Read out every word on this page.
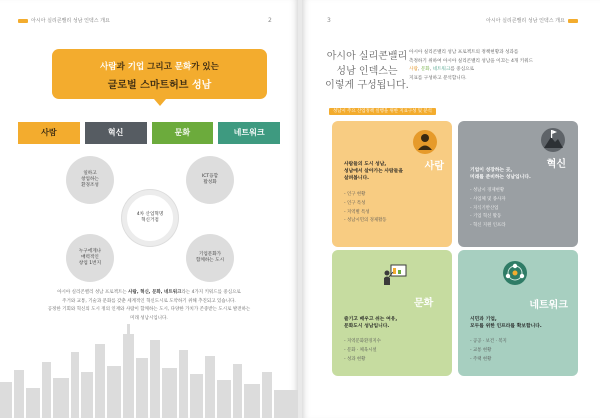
아시아 실리콘밸리 성남 인덱스 개요	2
사람과 기업 그리고 문화가 있는
글로벌 스마트허브 성남
사람	혁신	문화	네트워크
일하고
창업하는
환경조성
ICT융합
활성화
4차 산업혁명
혁신거점
누구에게나
매력적인
창업 1번지
기업문화가
함께하는 도시
아시아 실리콘밸리 성남 프로젝트는 사람, 혁신, 문화, 네트워크라는 4가지 키워드를 중심으로
주거와 교통, 기술과 문화를 갖춘 세계적인 혁신도시로 도약하기 위해 추진되고 있습니다.
공정한 기회와 혁신의 도시 정의 인재와 사람이 함께하는 도시, 다양한 가치가 존중받는 도시로 발전하는
미래 성남시입니다.
3	아시아 실리콘밸리 성남 인덱스 개요
아시아 실리콘밸리
성남 인덱스는
이렇게 구성됩니다.
아시아 실리콘밸리 성남 프로젝트의 정책현황과 성과를
측정하기 위하여 아시아 실리콘밸리 성남을 이끄는 4개 키워드
사람, 문화, 네트워크를 중심으로
지표를 구성하고 분석합니다.
성남시 주요 산업정책 실행을 위한 지표구성 및 분석
사람
사람들의 도시 성남,
성남에서 살아가는 사람들을
살펴봅니다.
- 인구 현황
- 인구 특성
- 지역별 특성
- 성남시민의 경제활동
혁신
기업이 성장하는 곳,
미래를 준비하는 성남입니다.
- 성남시 경제현황
- 사업체 및 종사자
- 지식기반산업
- 기업 혁신 활동
- 혁신 지원 인프라
문화
즐기고 배우고 쉬는 여유,
문화도시 성남입니다.
- 지역문화환경지수
- 문화 · 체육시설
- 성과 현황
네트워크
시민과 기업,
모두를 위한 인프라를 확보합니다.
- 공공 · 보건 · 복지
- 교통 현황
- 주택 현황
